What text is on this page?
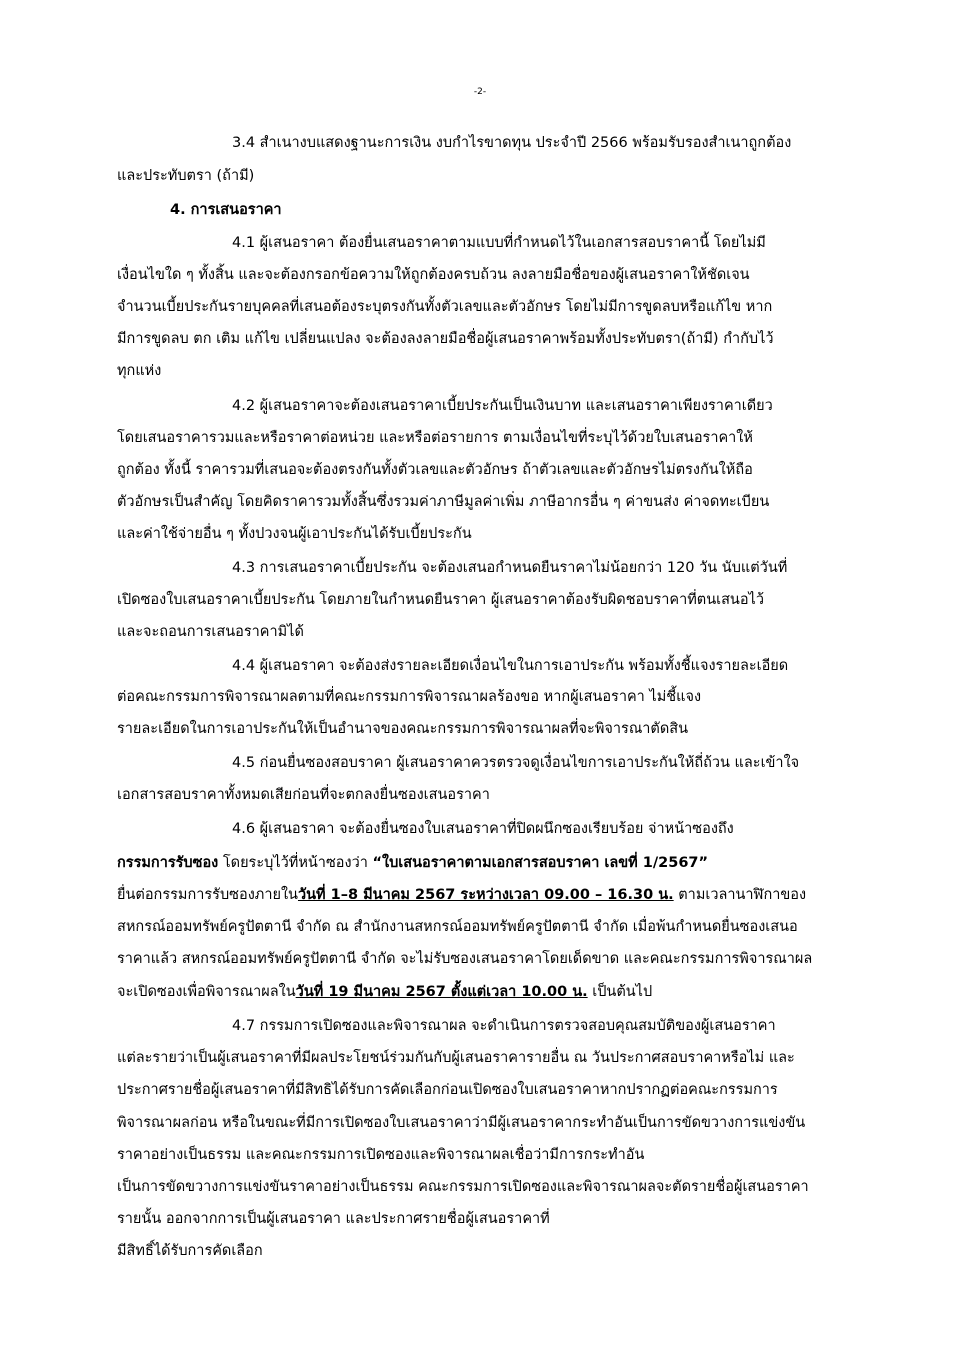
-2-
3.4 สำเนางบแสดงฐานะการเงิน งบกำไรขาดทุน ประจำปี 2566 พร้อมรับรองสำเนาถูกต้อง
และประทับตรา (ถ้ามี)
4. การเสนอราคา
4.1 ผู้เสนอราคา ต้องยื่นเสนอราคาตามแบบที่กำหนดไว้ในเอกสารสอบราคานี้ โดยไม่มี
เงื่อนไขใด ๆ ทั้งสิ้น และจะต้องกรอกข้อความให้ถูกต้องครบถ้วน ลงลายมือชื่อของผู้เสนอราคาให้ชัดเจน
จำนวนเบี้ยประกันรายบุคคลที่เสนอต้องระบุตรงกันทั้งตัวเลขและตัวอักษร โดยไม่มีการขูดลบหรือแก้ไข หาก
มีการขูดลบ ตก เติม แก้ไข เปลี่ยนแปลง จะต้องลงลายมือชื่อผู้เสนอราคาพร้อมทั้งประทับตรา(ถ้ามี) กำกับไว้
ทุกแห่ง
4.2 ผู้เสนอราคาจะต้องเสนอราคาเบี้ยประกันเป็นเงินบาท และเสนอราคาเพียงราคาเดียว
โดยเสนอราคารวมและหรือราคาต่อหน่วย และหรือต่อรายการ ตามเงื่อนไขที่ระบุไว้ด้วยใบเสนอราคาให้
ถูกต้อง ทั้งนี้ ราคารวมที่เสนอจะต้องตรงกันทั้งตัวเลขและตัวอักษร ถ้าตัวเลขและตัวอักษรไม่ตรงกันให้ถือ
ตัวอักษรเป็นสำคัญ โดยคิดราคารวมทั้งสิ้นซึ่งรวมค่าภาษีมูลค่าเพิ่ม ภาษีอากรอื่น ๆ ค่าขนส่ง ค่าจดทะเบียน
และค่าใช้จ่ายอื่น ๆ ทั้งปวงจนผู้เอาประกันได้รับเบี้ยประกัน
4.3 การเสนอราคาเบี้ยประกัน จะต้องเสนอกำหนดยืนราคาไม่น้อยกว่า 120 วัน นับแต่วันที่
เปิดซองใบเสนอราคาเบี้ยประกัน โดยภายในกำหนดยืนราคา ผู้เสนอราคาต้องรับผิดชอบราคาที่ตนเสนอไว้
และจะถอนการเสนอราคามิได้
4.4 ผู้เสนอราคา จะต้องส่งรายละเอียดเงื่อนไขในการเอาประกัน พร้อมทั้งชี้แจงรายละเอียด
ต่อคณะกรรมการพิจารณาผลตามที่คณะกรรมการพิจารณาผลร้องขอ หากผู้เสนอราคา ไม่ชี้แจง
รายละเอียดในการเอาประกันให้เป็นอำนาจของคณะกรรมการพิจารณาผลที่จะพิจารณาตัดสิน
4.5 ก่อนยื่นซองสอบราคา ผู้เสนอราคาควรตรวจดูเงื่อนไขการเอาประกันให้ถี่ถ้วน และเข้าใจ
เอกสารสอบราคาทั้งหมดเสียก่อนที่จะตกลงยื่นซองเสนอราคา
4.6 ผู้เสนอราคา จะต้องยื่นซองใบเสนอราคาที่ปิดผนึกซองเรียบร้อย จ่าหน้าซองถึง
กรรมการรับซอง โดยระบุไว้ที่หน้าซองว่า “ใบเสนอราคาตามเอกสารสอบราคา เลขที่ 1/2567”
ยื่นต่อกรรมการรับซองภายในวันที่ 1–8 มีนาคม 2567 ระหว่างเวลา 09.00 – 16.30 น. ตามเวลานาฬิกาของ
สหกรณ์ออมทรัพย์ครูปัตตานี จำกัด ณ สำนักงานสหกรณ์ออมทรัพย์ครูปัตตานี จำกัด เมื่อพ้นกำหนดยื่นซองเสนอ
ราคาแล้ว สหกรณ์ออมทรัพย์ครูปัตตานี จำกัด จะไม่รับซองเสนอราคาโดยเด็ดขาด และคณะกรรมการพิจารณาผล
จะเปิดซองเพื่อพิจารณาผลในวันที่ 19 มีนาคม 2567 ตั้งแต่เวลา 10.00 น. เป็นต้นไป
4.7 กรรมการเปิดซองและพิจารณาผล จะดำเนินการตรวจสอบคุณสมบัติของผู้เสนอราคา
แต่ละรายว่าเป็นผู้เสนอราคาที่มีผลประโยชน์ร่วมกันกับผู้เสนอราคารายอื่น ณ วันประกาศสอบราคาหรือไม่ และ
ประกาศรายชื่อผู้เสนอราคาที่มีสิทธิได้รับการคัดเลือกก่อนเปิดซองใบเสนอราคาหากปรากฏต่อคณะกรรมการ
พิจารณาผลก่อน หรือในขณะที่มีการเปิดซองใบเสนอราคาว่ามีผู้เสนอราคากระทำอันเป็นการขัดขวางการแข่งขัน
ราคาอย่างเป็นธรรม และคณะกรรมการเปิดซองและพิจารณาผลเชื่อว่ามีการกระทำอัน
เป็นการขัดขวางการแข่งขันราคาอย่างเป็นธรรม คณะกรรมการเปิดซองและพิจารณาผลจะตัดรายชื่อผู้เสนอราคา
รายนั้น ออกจากการเป็นผู้เสนอราคา และประกาศรายชื่อผู้เสนอราคาที่
มีสิทธิ์ได้รับการคัดเลือก
